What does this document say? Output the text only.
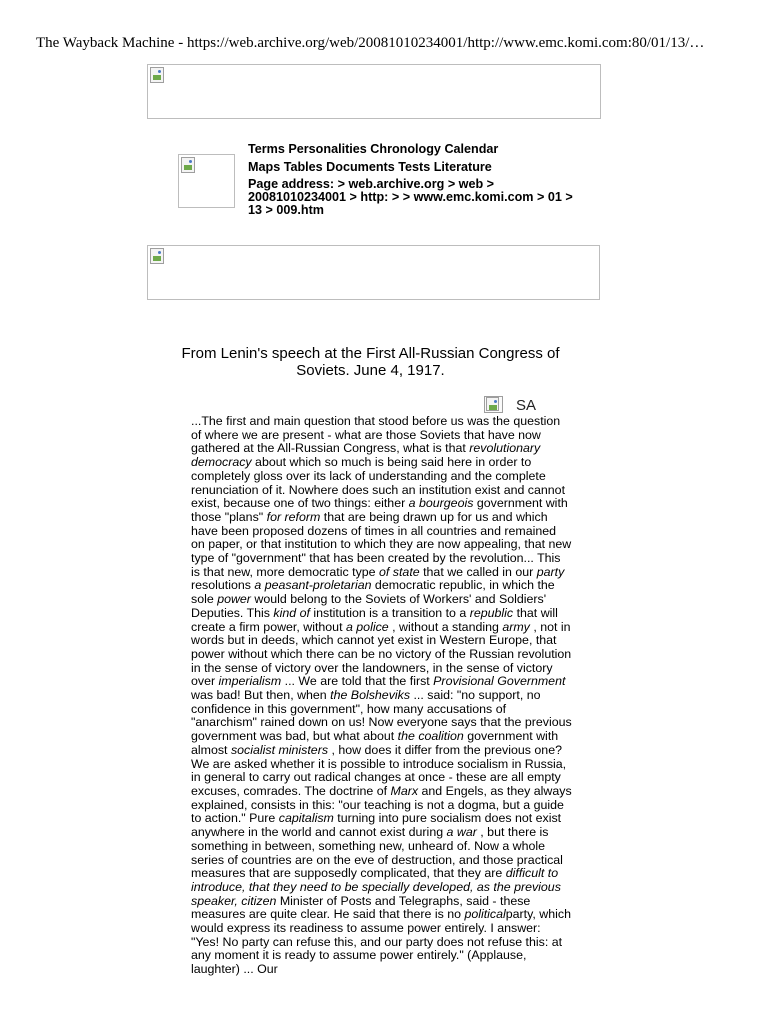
The Wayback Machine - https://web.archive.org/web/20081010234001/http://www.emc.komi.com:80/01/13/…
Terms Personalities Chronology Calendar
Maps Tables Documents Tests Literature
Page address: > web.archive.org > web >
20081010234001 > http: > > www.emc.komi.com > 01 >
13 > 009.htm
From Lenin's speech at the First All-Russian Congress of Soviets. June 4, 1917.
SA
...The first and main question that stood before us was the question of where we are present - what are those Soviets that have now gathered at the All-Russian Congress, what is that revolutionary democracy about which so much is being said here in order to completely gloss over its lack of understanding and the complete renunciation of it. Nowhere does such an institution exist and cannot exist, because one of two things: either a bourgeois government with those "plans" for reform that are being drawn up for us and which have been proposed dozens of times in all countries and remained on paper, or that institution to which they are now appealing, that new type of "government" that has been created by the revolution... This is that new, more democratic type of state that we called in our party resolutions a peasant-proletarian democratic republic, in which the sole power would belong to the Soviets of Workers' and Soldiers' Deputies. This kind of institution is a transition to a republic that will create a firm power, without a police , without a standing army , not in words but in deeds, which cannot yet exist in Western Europe, that power without which there can be no victory of the Russian revolution in the sense of victory over the landowners, in the sense of victory over imperialism ... We are told that the first Provisional Government was bad! But then, when the Bolsheviks ... said: "no support, no confidence in this government", how many accusations of "anarchism" rained down on us! Now everyone says that the previous government was bad, but what about the coalition government with almost socialist ministers , how does it differ from the previous one? We are asked whether it is possible to introduce socialism in Russia, in general to carry out radical changes at once - these are all empty excuses, comrades. The doctrine of Marx and Engels, as they always explained, consists in this: "our teaching is not a dogma, but a guide to action." Pure capitalism turning into pure socialism does not exist anywhere in the world and cannot exist during a war , but there is something in between, something new, unheard of. Now a whole series of countries are on the eve of destruction, and those practical measures that are supposedly complicated, that they are difficult to introduce, that they need to be specially developed, as the previous speaker, citizen Minister of Posts and Telegraphs, said - these measures are quite clear. He said that there is no politicalparty, which would express its readiness to assume power entirely. I answer: "Yes! No party can refuse this, and our party does not refuse this: at any moment it is ready to assume power entirely." (Applause, laughter) ... Our
